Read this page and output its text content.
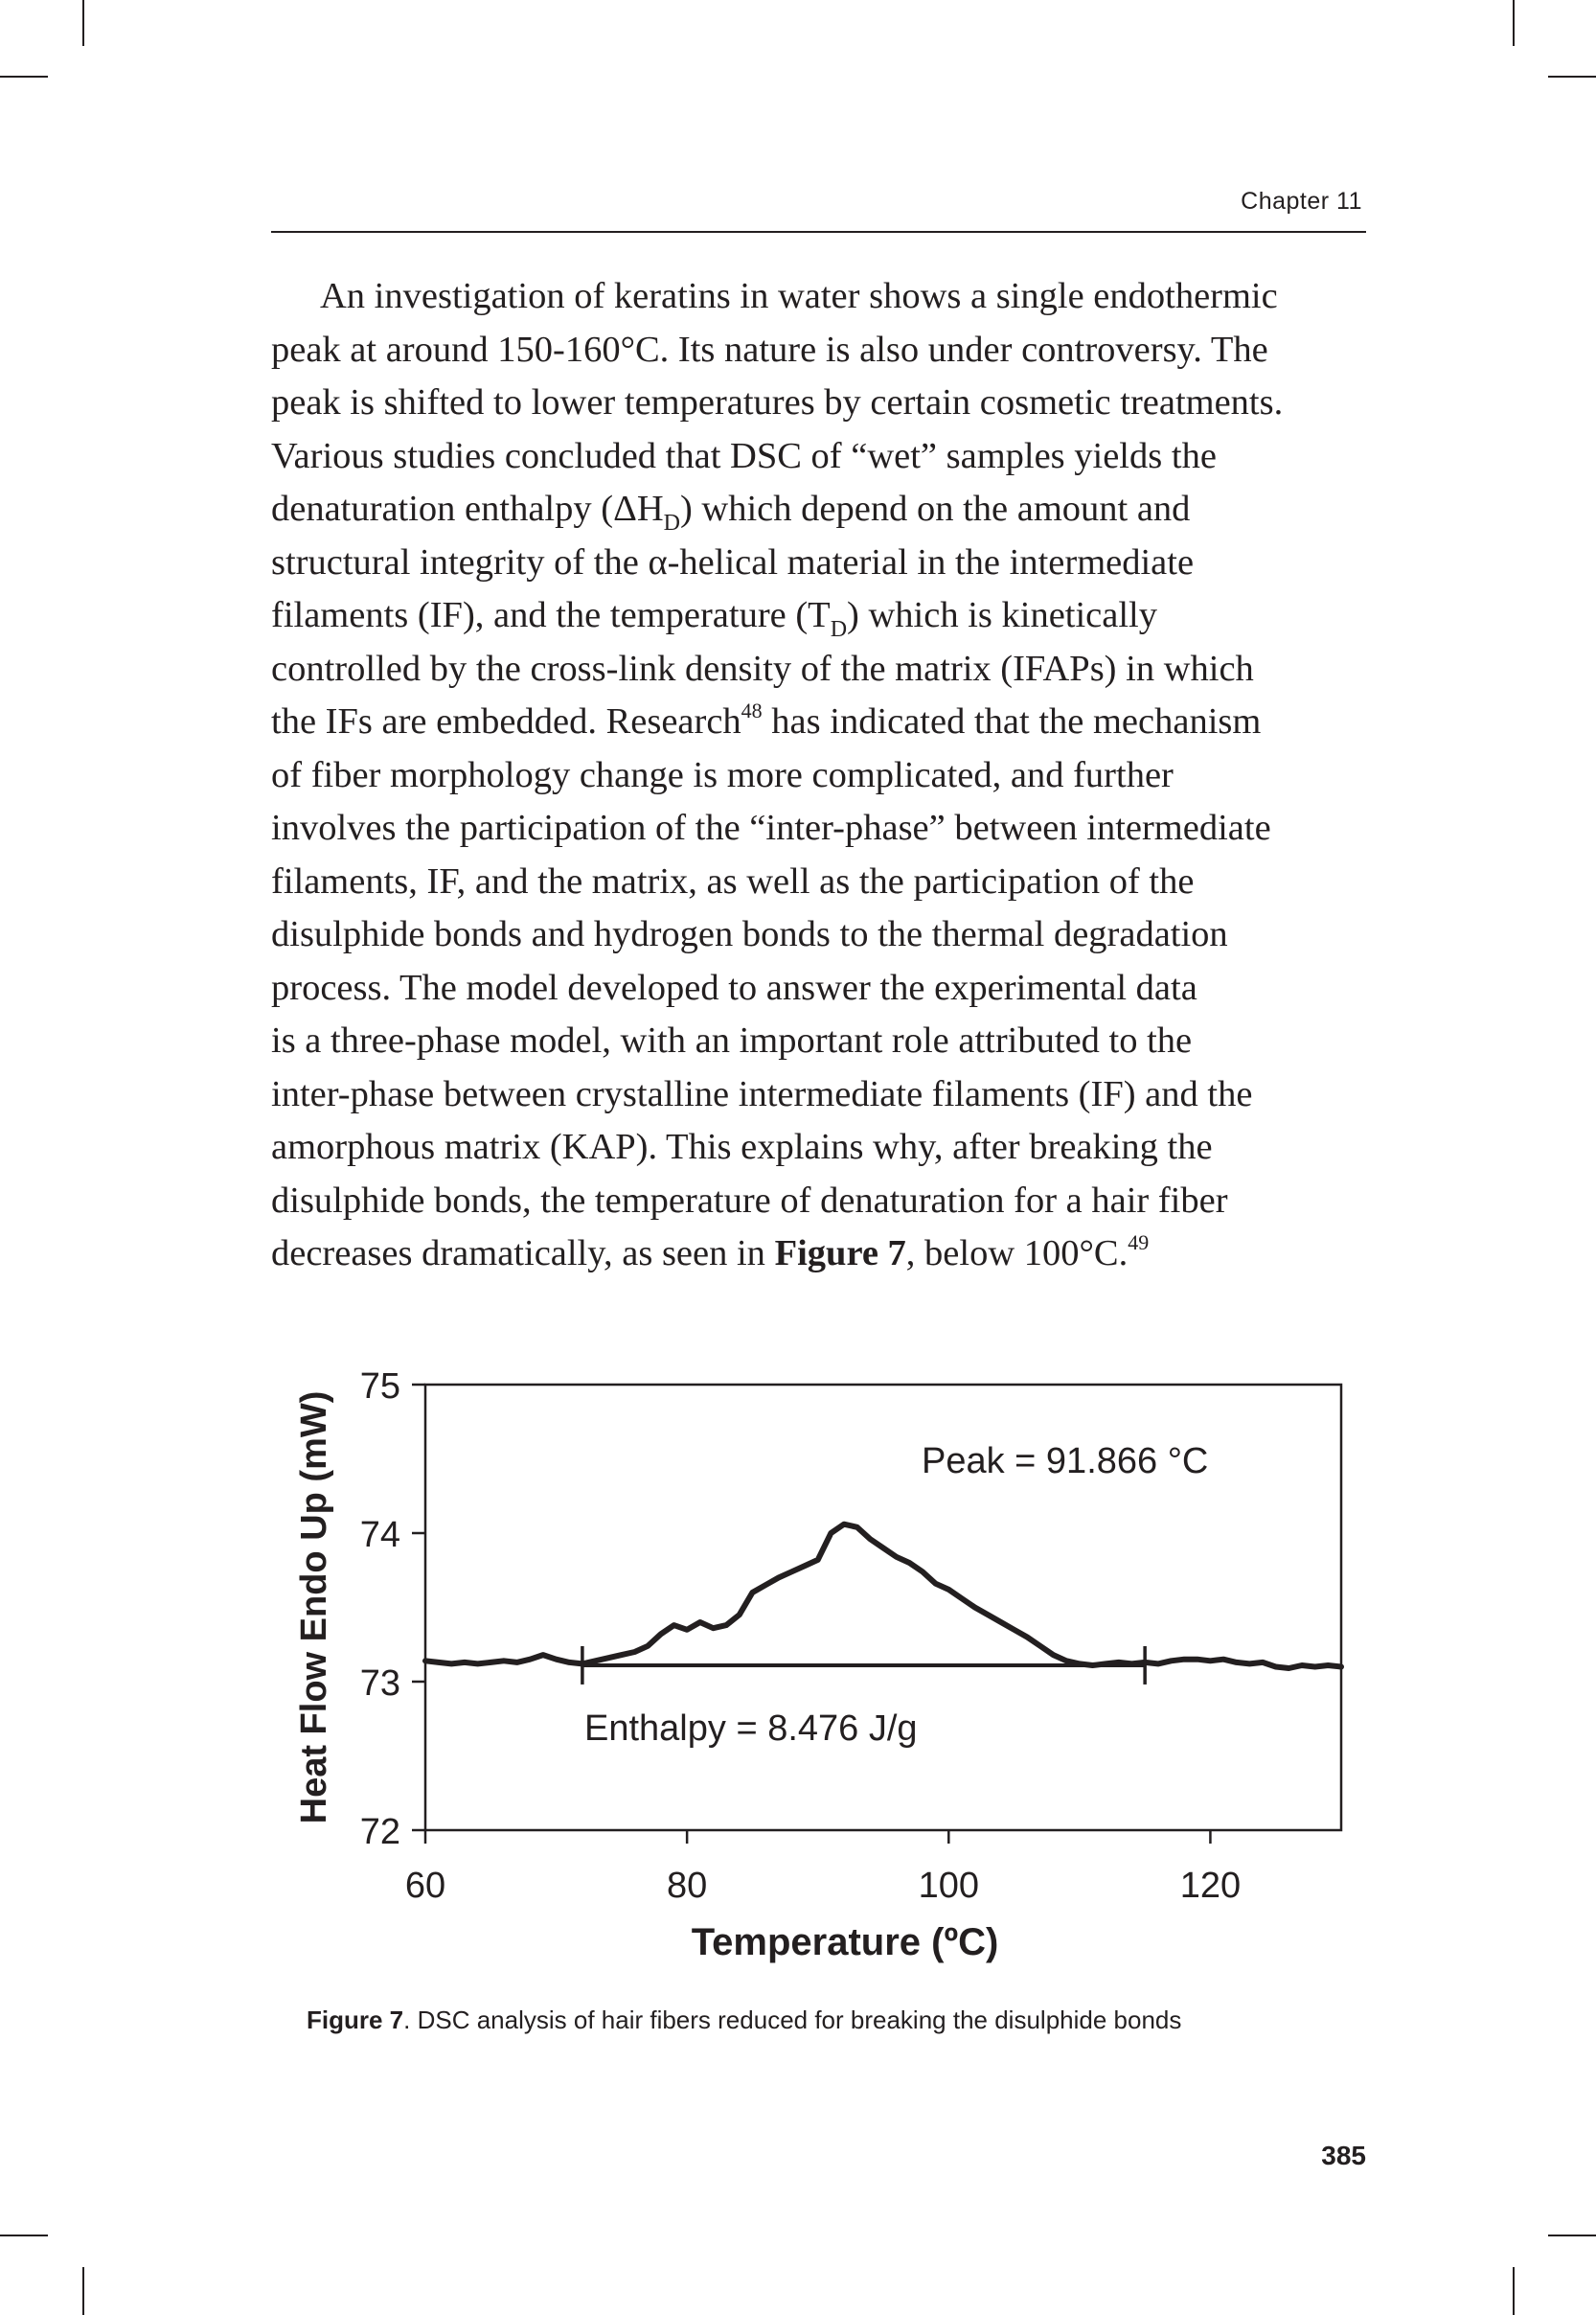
Chapter 11
An investigation of keratins in water shows a single endothermic
peak at around 150-160°C. Its nature is also under controversy. The
peak is shifted to lower temperatures by certain cosmetic treatments.
Various studies concluded that DSC of “wet” samples yields the
denaturation enthalpy $(\Delta H_D)$ which depend on the amount and
structural integrity of the α-helical material in the intermediate
filaments (IF), and the temperature $(T_D)$ which is kinetically
controlled by the cross-link density of the matrix (IFAPs) in which
the IFs are embedded. Research$^{48}$ has indicated that the mechanism
of fiber morphology change is more complicated, and further
involves the participation of the “inter-phase” between intermediate
filaments, IF, and the matrix, as well as the participation of the
disulphide bonds and hydrogen bonds to the thermal degradation
process. The model developed to answer the experimental data
is a three-phase model, with an important role attributed to the
inter-phase between crystalline intermediate filaments (IF) and the
amorphous matrix (KAP). This explains why, after breaking the
disulphide bonds, the temperature of denaturation for a hair fiber
decreases dramatically, as seen in Figure 7, below 100°C.$^{49}$
72
73
74
75
60	80	100	120
Temperature (ºC)
Heat Flow Endo Up (mW)	Peak = 91.866 °C
Enthalpy = 8.476 J/g
Figure 7. DSC analysis of hair fibers reduced for breaking the disulphide bonds
385
